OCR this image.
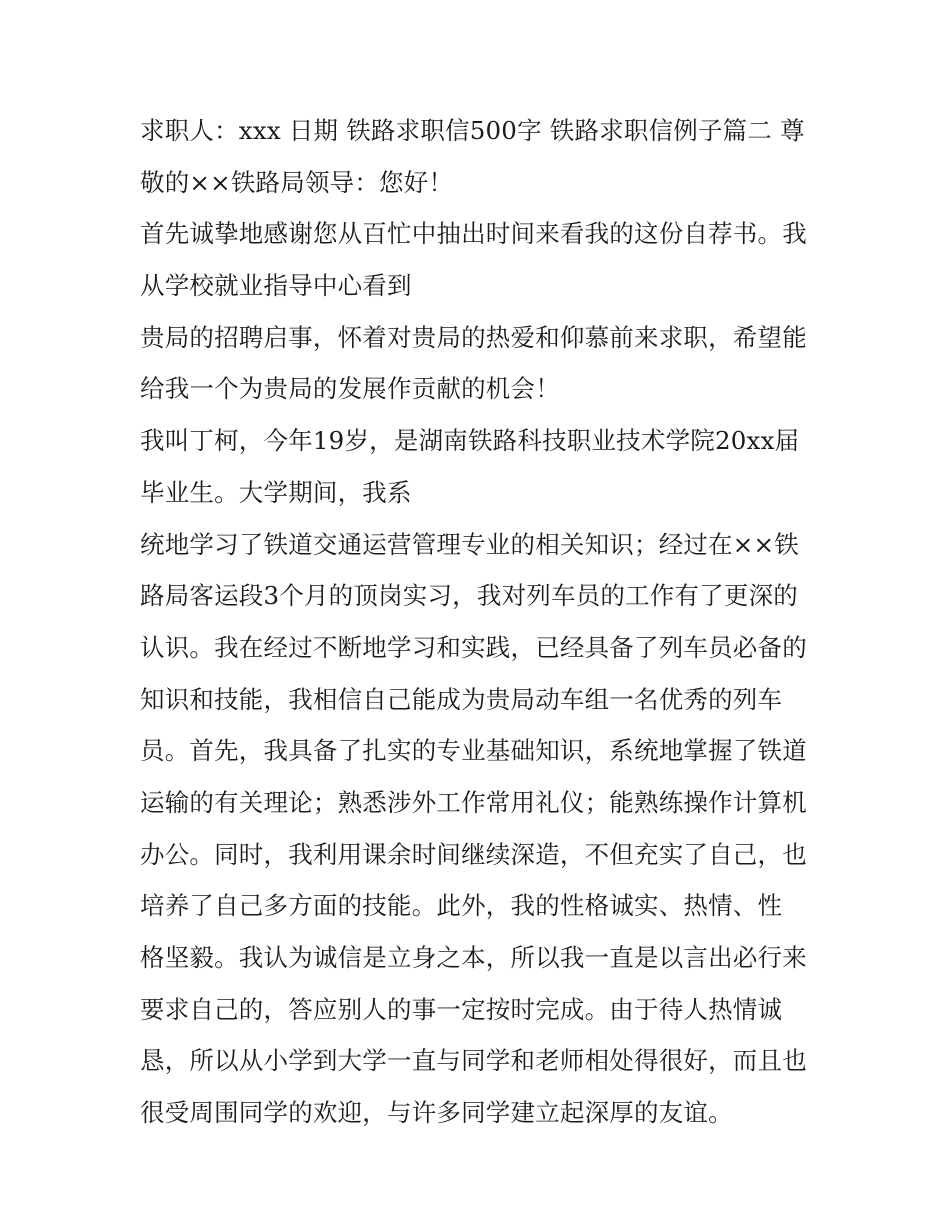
求职人：xxx 日期 铁路求职信500字 铁路求职信例子篇二 尊
敬的××铁路局领导：您好！
首先诚挚地感谢您从百忙中抽出时间来看我的这份自荐书。我
从学校就业指导中心看到
贵局的招聘启事，怀着对贵局的热爱和仰慕前来求职，希望能
给我一个为贵局的发展作贡献的机会！
我叫丁柯，今年19岁，是湖南铁路科技职业技术学院20xx届
毕业生。大学期间，我系
统地学习了铁道交通运营管理专业的相关知识；经过在××铁
路局客运段3个月的顶岗实习，我对列车员的工作有了更深的
认识。我在经过不断地学习和实践，已经具备了列车员必备的
知识和技能，我相信自己能成为贵局动车组一名优秀的列车
员。首先，我具备了扎实的专业基础知识，系统地掌握了铁道
运输的有关理论；熟悉涉外工作常用礼仪；能熟练操作计算机
办公。同时，我利用课余时间继续深造，不但充实了自己，也
培养了自己多方面的技能。此外，我的性格诚实、热情、性
格坚毅。我认为诚信是立身之本，所以我一直是以言出必行来
要求自己的，答应别人的事一定按时完成。由于待人热情诚
恳，所以从小学到大学一直与同学和老师相处得很好，而且也
很受周围同学的欢迎，与许多同学建立起深厚的友谊。
